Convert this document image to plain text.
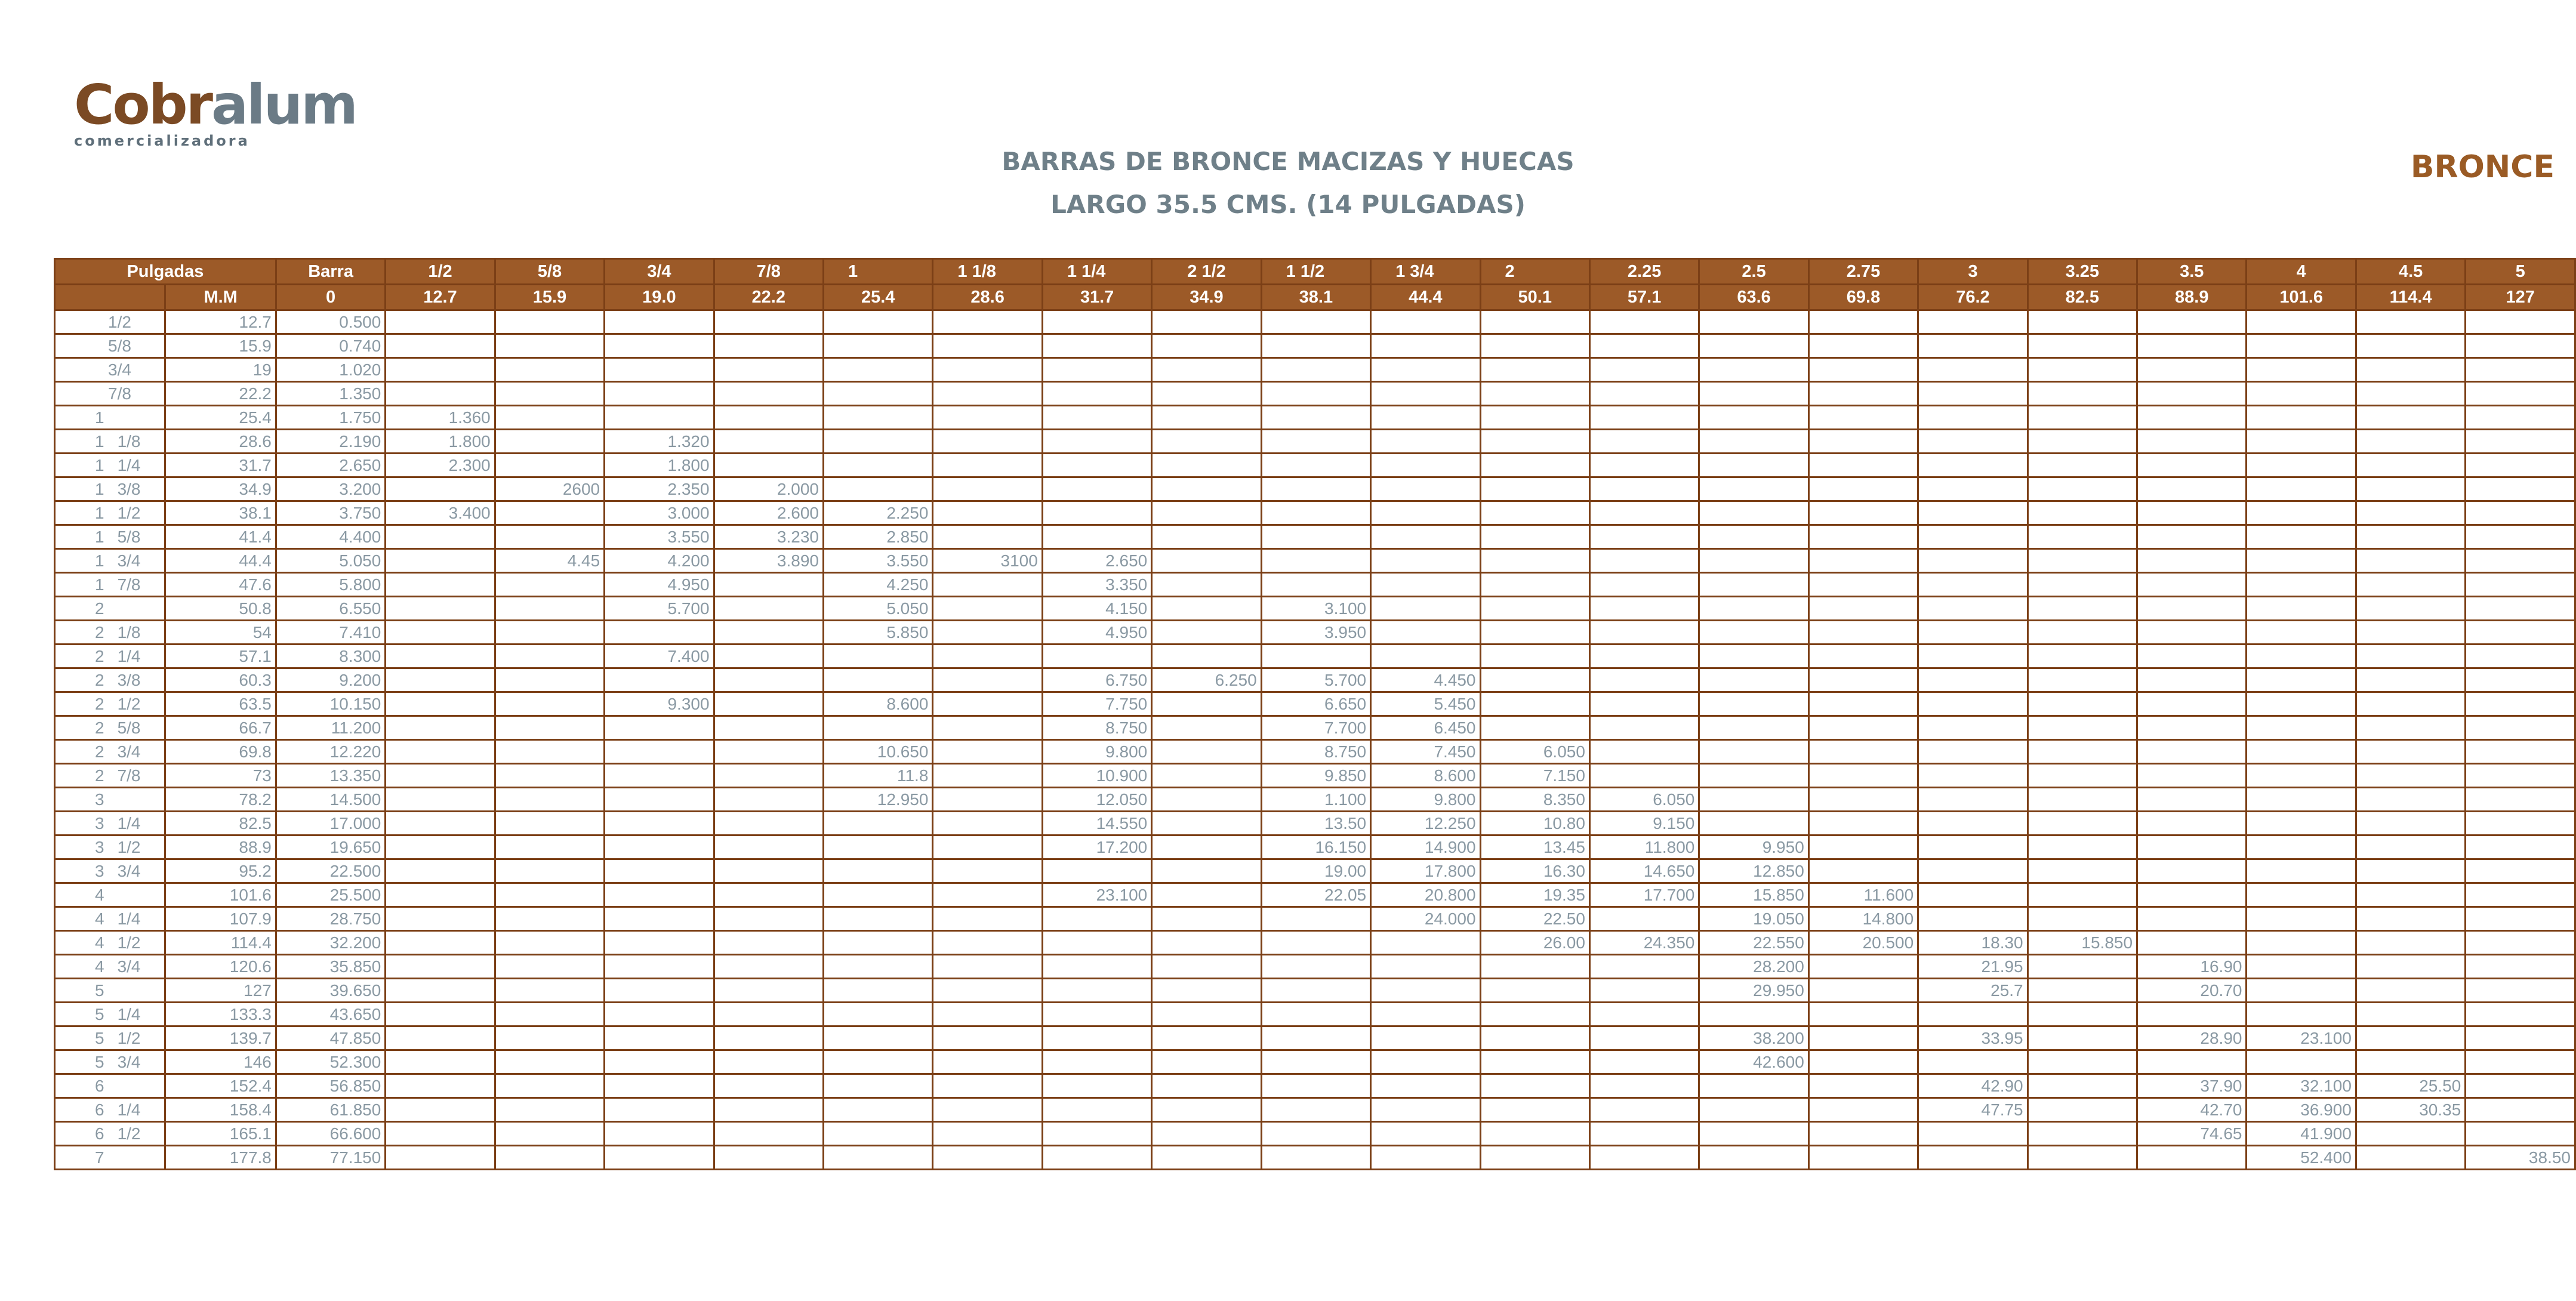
Cobralum
comercializadora
BARRAS DE BRONCE MACIZAS Y HUECAS
LARGO 35.5 CMS. (14 PULGADAS)
BRONCE
Pulgadas		Barra	1/2	5/8	3/4	7/8	1	1 1/8	1 1/4	2 1/2	1 1/2	1 3/4	2	2.25	2.5	2.75	3	3.25	3.5	4	4.5	5
	M.M	0	12.7	15.9	19.0	22.2	25.4	28.6	31.7	34.9	38.1	44.4	50.1	57.1	63.6	69.8	76.2	82.5	88.9	101.6	114.4	127
1/2	12.7	0.500																				
5/8	15.9	0.740																				
3/4	19	1.020																				
7/8	22.2	1.350																				
1	25.4	1.750	1.360																			
1 1/8	28.6	2.190	1.800		1.320																	
1 1/4	31.7	2.650	2.300		1.800																	
1 3/8	34.9	3.200		2600	2.350	2.000																
1 1/2	38.1	3.750	3.400		3.000	2.600	2.250															
1 5/8	41.4	4.400			3.550	3.230	2.850															
1 3/4	44.4	5.050		4.45	4.200	3.890	3.550	3100	2.650													
1 7/8	47.6	5.800			4.950		4.250		3.350													
2	50.8	6.550			5.700		5.050		4.150		3.100											
2 1/8	54	7.410					5.850		4.950		3.950											
2 1/4	57.1	8.300			7.400																	
2 3/8	60.3	9.200							6.750	6.250	5.700	4.450										
2 1/2	63.5	10.150			9.300		8.600		7.750		6.650	5.450										
2 5/8	66.7	11.200							8.750		7.700	6.450										
2 3/4	69.8	12.220					10.650		9.800		8.750	7.450	6.050									
2 7/8	73	13.350					11.8		10.900		9.850	8.600	7.150									
3	78.2	14.500					12.950		12.050		1.100	9.800	8.350	6.050								
3 1/4	82.5	17.000							14.550		13.50	12.250	10.80	9.150								
3 1/2	88.9	19.650							17.200		16.150	14.900	13.45	11.800	9.950							
3 3/4	95.2	22.500									19.00	17.800	16.30	14.650	12.850							
4	101.6	25.500							23.100		22.05	20.800	19.35	17.700	15.850	11.600						
4 1/4	107.9	28.750										24.000	22.50		19.050	14.800						
4 1/2	114.4	32.200											26.00	24.350	22.550	20.500	18.30	15.850				
4 3/4	120.6	35.850													28.200		21.95		16.90			
5	127	39.650													29.950		25.7		20.70			
5 1/4	133.3	43.650																				
5 1/2	139.7	47.850													38.200		33.95		28.90	23.100		
5 3/4	146	52.300													42.600							
6	152.4	56.850															42.90		37.90	32.100	25.50	
6 1/4	158.4	61.850															47.75		42.70	36.900	30.35	
6 1/2	165.1	66.600																	74.65	41.900		
7	177.8	77.150																		52.400		38.50
